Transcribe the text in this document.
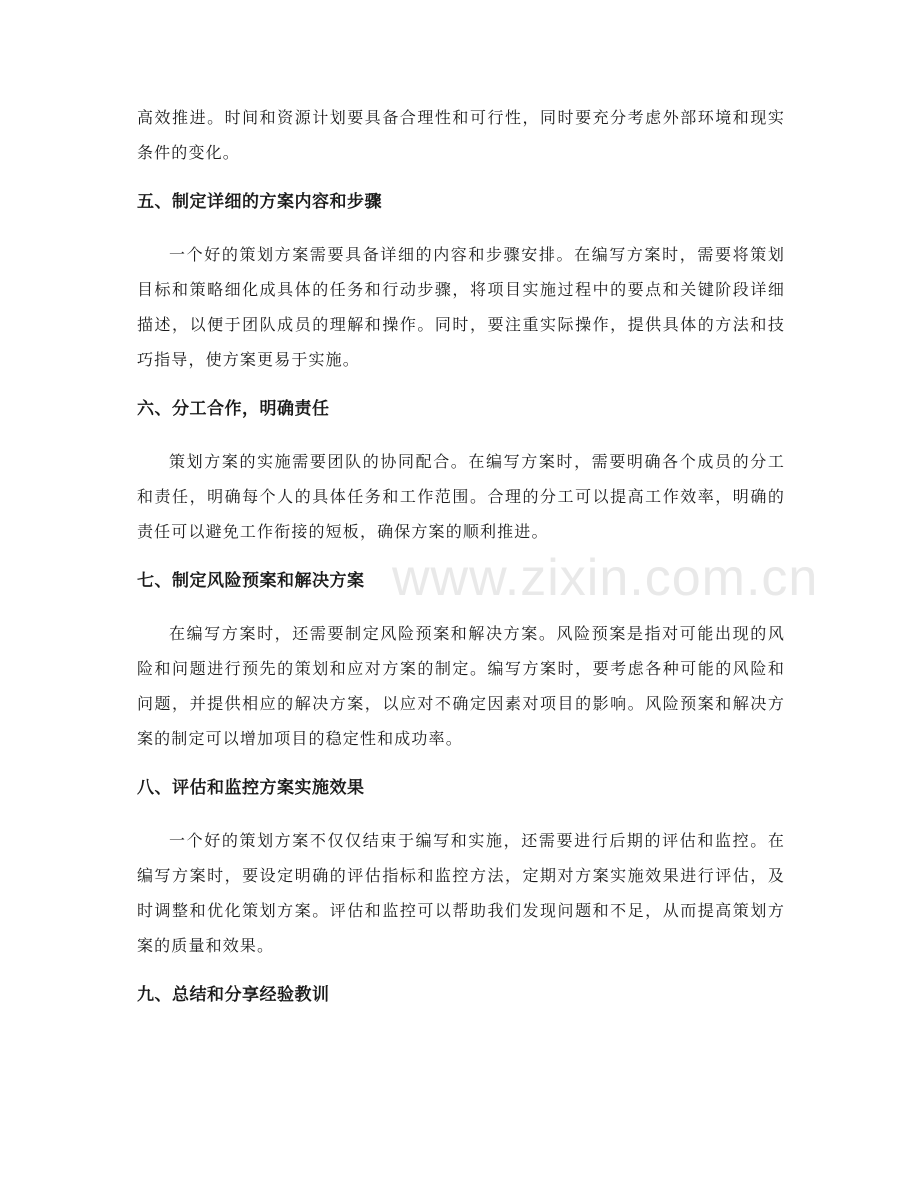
www.zixin.com.cn

高效推进。时间和资源计划要具备合理性和可行性，同时要充分考虑外部环境和现实条件的变化。

五、制定详细的方案内容和步骤

一个好的策划方案需要具备详细的内容和步骤安排。在编写方案时，需要将策划目标和策略细化成具体的任务和行动步骤，将项目实施过程中的要点和关键阶段详细描述，以便于团队成员的理解和操作。同时，要注重实际操作，提供具体的方法和技巧指导，使方案更易于实施。

六、分工合作，明确责任

策划方案的实施需要团队的协同配合。在编写方案时，需要明确各个成员的分工和责任，明确每个人的具体任务和工作范围。合理的分工可以提高工作效率，明确的责任可以避免工作衔接的短板，确保方案的顺利推进。

七、制定风险预案和解决方案

在编写方案时，还需要制定风险预案和解决方案。风险预案是指对可能出现的风险和问题进行预先的策划和应对方案的制定。编写方案时，要考虑各种可能的风险和问题，并提供相应的解决方案，以应对不确定因素对项目的影响。风险预案和解决方案的制定可以增加项目的稳定性和成功率。

八、评估和监控方案实施效果

一个好的策划方案不仅仅结束于编写和实施，还需要进行后期的评估和监控。在编写方案时，要设定明确的评估指标和监控方法，定期对方案实施效果进行评估，及时调整和优化策划方案。评估和监控可以帮助我们发现问题和不足，从而提高策划方案的质量和效果。

九、总结和分享经验教训
